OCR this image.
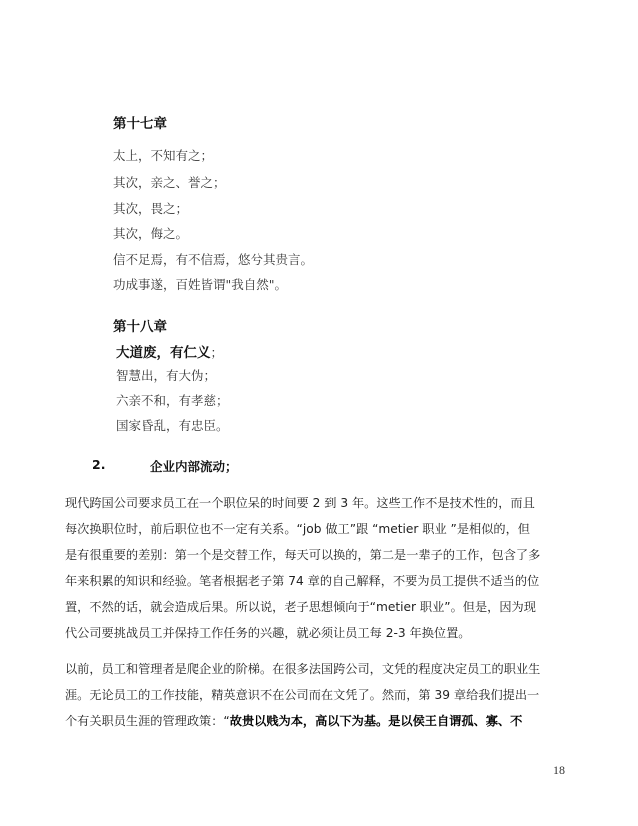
第十七章
太上，不知有之；
其次，亲之、誉之；
其次，畏之；
其次，侮之。
信不足焉，有不信焉，悠兮其贵言。
功成事遂，百姓皆谓"我自然"。
第十八章
大道废，有仁义；
智慧出，有大伪；
六亲不和，有孝慈；
国家昏乱，有忠臣。
2.	企业内部流动；
现代跨国公司要求员工在一个职位呆的时间要 2 到 3 年。这些工作不是技术性的，而且
每次换职位时，前后职位也不一定有关系。“job 做工”跟 “metier 职业 ”是相似的，但
是有很重要的差别：第一个是交替工作，每天可以换的，第二是一辈子的工作，包含了多
年来积累的知识和经验。笔者根据老子第 74 章的自己解释，不要为员工提供不适当的位
置，不然的话，就会造成后果。所以说，老子思想倾向于“metier 职业”。但是，因为现
代公司要挑战员工并保持工作任务的兴趣，就必须让员工每 2-3 年换位置。
以前，员工和管理者是爬企业的阶梯。在很多法国跨公司，文凭的程度决定员工的职业生
涯。无论员工的工作技能，精英意识不在公司而在文凭了。然而，第 39 章给我们提出一
个有关职员生涯的管理政策：“故贵以贱为本，高以下为基。是以侯王自谓孤、寡、不
18
